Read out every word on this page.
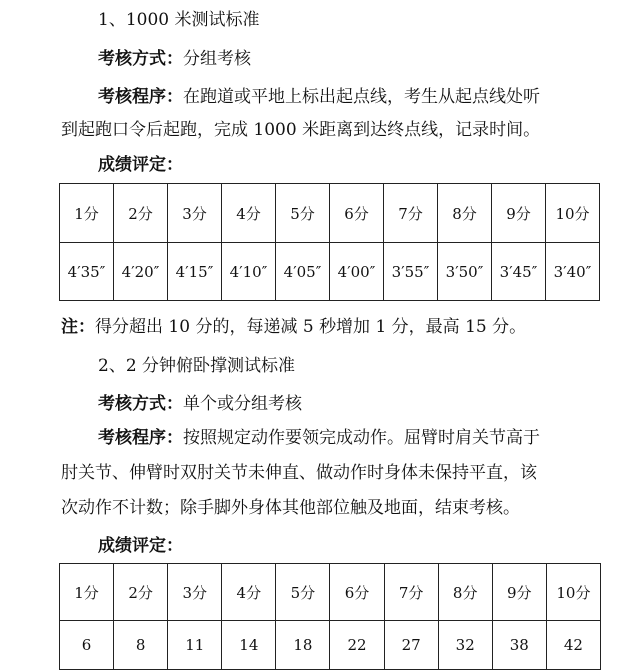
1、1000 米测试标准
考核方式：分组考核
考核程序：在跑道或平地上标出起点线，考生从起点线处听
到起跑口令后起跑，完成 1000 米距离到达终点线，记录时间。
成绩评定：
1分	2分	3分	4分	5分	6分	7分	8分	9分	10分
4′35″	4′20″	4′15″	4′10″	4′05″	4′00″	3′55″	3′50″	3′45″	3′40″
注：得分超出 10 分的，每递减 5 秒增加 1 分，最高 15 分。
2、2 分钟俯卧撑测试标准
考核方式：单个或分组考核
考核程序：按照规定动作要领完成动作。屈臂时肩关节高于
肘关节、伸臂时双肘关节未伸直、做动作时身体未保持平直，该
次动作不计数；除手脚外身体其他部位触及地面，结束考核。
成绩评定：
1分	2分	3分	4分	5分	6分	7分	8分	9分	10分
6	8	11	14	18	22	27	32	38	42
